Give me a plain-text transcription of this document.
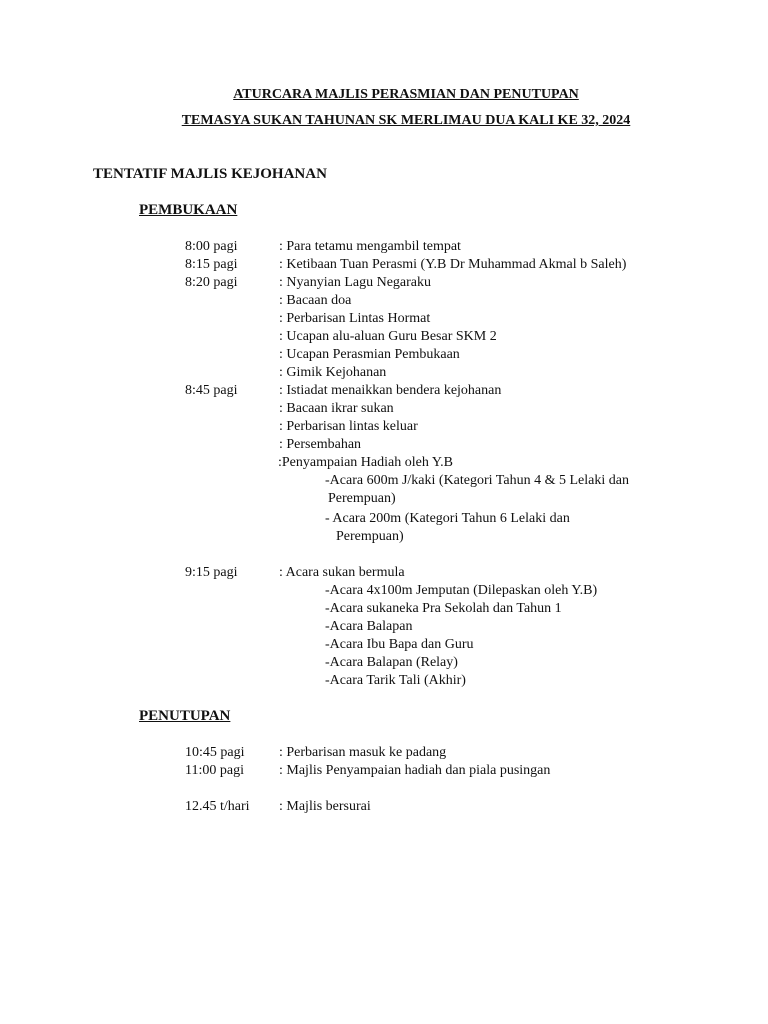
ATURCARA MAJLIS PERASMIAN DAN PENUTUPAN
TEMASYA SUKAN TAHUNAN SK MERLIMAU DUA KALI KE 32, 2024
TENTATIF MAJLIS KEJOHANAN
PEMBUKAAN
8:00 pagi	: Para tetamu mengambil tempat
8:15 pagi	: Ketibaan Tuan Perasmi (Y.B Dr Muhammad Akmal b Saleh)
8:20 pagi	: Nyanyian Lagu Negaraku
: Bacaan doa
: Perbarisan Lintas Hormat
: Ucapan alu-aluan Guru Besar SKM 2
: Ucapan Perasmian Pembukaan
: Gimik Kejohanan
8:45 pagi	: Istiadat menaikkan bendera kejohanan
: Bacaan ikrar sukan
: Perbarisan lintas keluar
: Persembahan
:Penyampaian Hadiah oleh Y.B
-Acara 600m J/kaki (Kategori Tahun 4 & 5 Lelaki dan
Perempuan)
- Acara 200m (Kategori Tahun 6 Lelaki dan
Perempuan)
9:15 pagi	: Acara sukan bermula
-Acara 4x100m Jemputan (Dilepaskan oleh Y.B)
-Acara sukaneka Pra Sekolah dan Tahun 1
-Acara Balapan
-Acara Ibu Bapa dan Guru
-Acara Balapan (Relay)
-Acara Tarik Tali (Akhir)
PENUTUPAN
10:45 pagi : Perbarisan masuk ke padang
11:00 pagi	: Majlis Penyampaian hadiah dan piala pusingan
12.45 t/hari : Majlis bersurai
